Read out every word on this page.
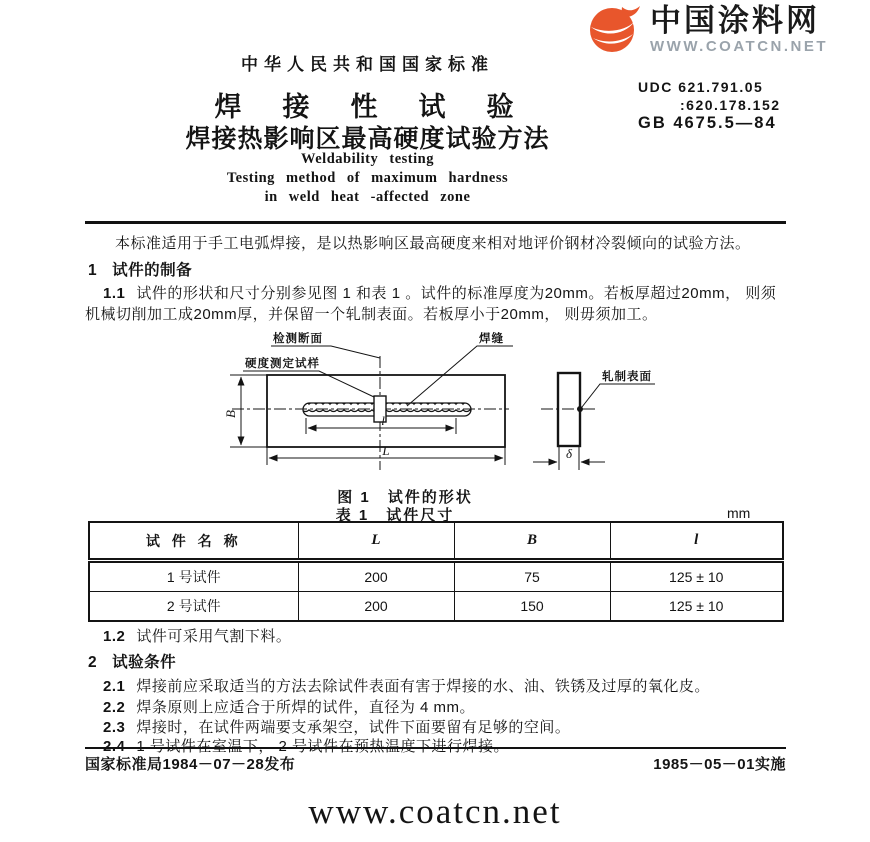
中国涂料网
WWW.COATCN.NET
中华人民共和国国家标准
焊　接　性　试　验
焊接热影响区最高硬度试验方法
Weldability testing
Testing method of maximum hardness
in weld heat -affected zone
UDC 621.791.05
:620.178.152
GB 4675.5—84
本标准适用于手工电弧焊接，是以热影响区最高硬度来相对地评价钢材冷裂倾向的试验方法。
1 试件的制备
1.1 试件的形状和尺寸分别参见图 1 和表 1 。试件的标准厚度为20mm。若板厚超过20mm， 则须机械切削加工成20mm厚，并保留一个轧制表面。若板厚小于20mm， 则毋须加工。
B	l
L
检测断面
硬度测定试样
焊缝
轧制表面
δ
图 1　试件的形状
表 1　试件尺寸	mm
试 件 名 称	L	B	l
1 号试件	200	75	125 ± 10
2 号试件	200	150	125 ± 10
1.2 试件可采用气割下料。
2 试验条件
2.1 焊接前应采取适当的方法去除试件表面有害于焊接的水、油、铁锈及过厚的氧化皮。
2.2 焊条原则上应适合于所焊的试件，直径为 4 mm。
2.3 焊接时，在试件两端要支承架空，试件下面要留有足够的空间。
国家标准局1984－07－28发布	1985－05－01实施
www.coatcn.net
